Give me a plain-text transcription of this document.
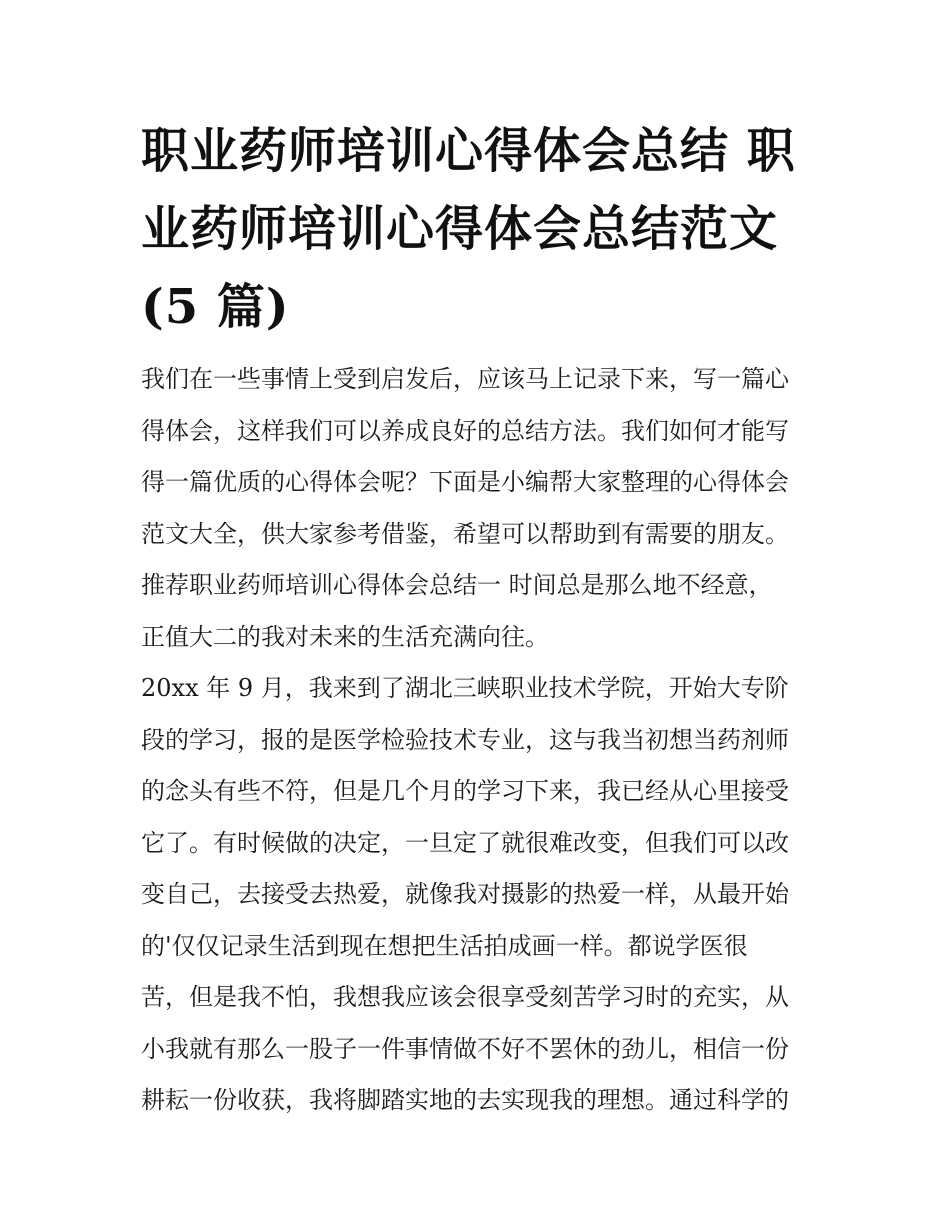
职业药师培训心得体会总结 职
业药师培训心得体会总结范文
(5 篇)
我们在一些事情上受到启发后，应该马上记录下来，写一篇心
得体会，这样我们可以养成良好的总结方法。我们如何才能写
得一篇优质的心得体会呢？下面是小编帮大家整理的心得体会
范文大全，供大家参考借鉴，希望可以帮助到有需要的朋友。
推荐职业药师培训心得体会总结一 时间总是那么地不经意，
正值大二的我对未来的生活充满向往。
20xx 年 9 月，我来到了湖北三峡职业技术学院，开始大专阶
段的学习，报的是医学检验技术专业，这与我当初想当药剂师
的念头有些不符，但是几个月的学习下来，我已经从心里接受
它了。有时候做的决定，一旦定了就很难改变，但我们可以改
变自己，去接受去热爱，就像我对摄影的热爱一样，从最开始
的'仅仅记录生活到现在想把生活拍成画一样。都说学医很
苦，但是我不怕，我想我应该会很享受刻苦学习时的充实，从
小我就有那么一股子一件事情做不好不罢休的劲儿，相信一份
耕耘一份收获，我将脚踏实地的去实现我的理想。通过科学的
